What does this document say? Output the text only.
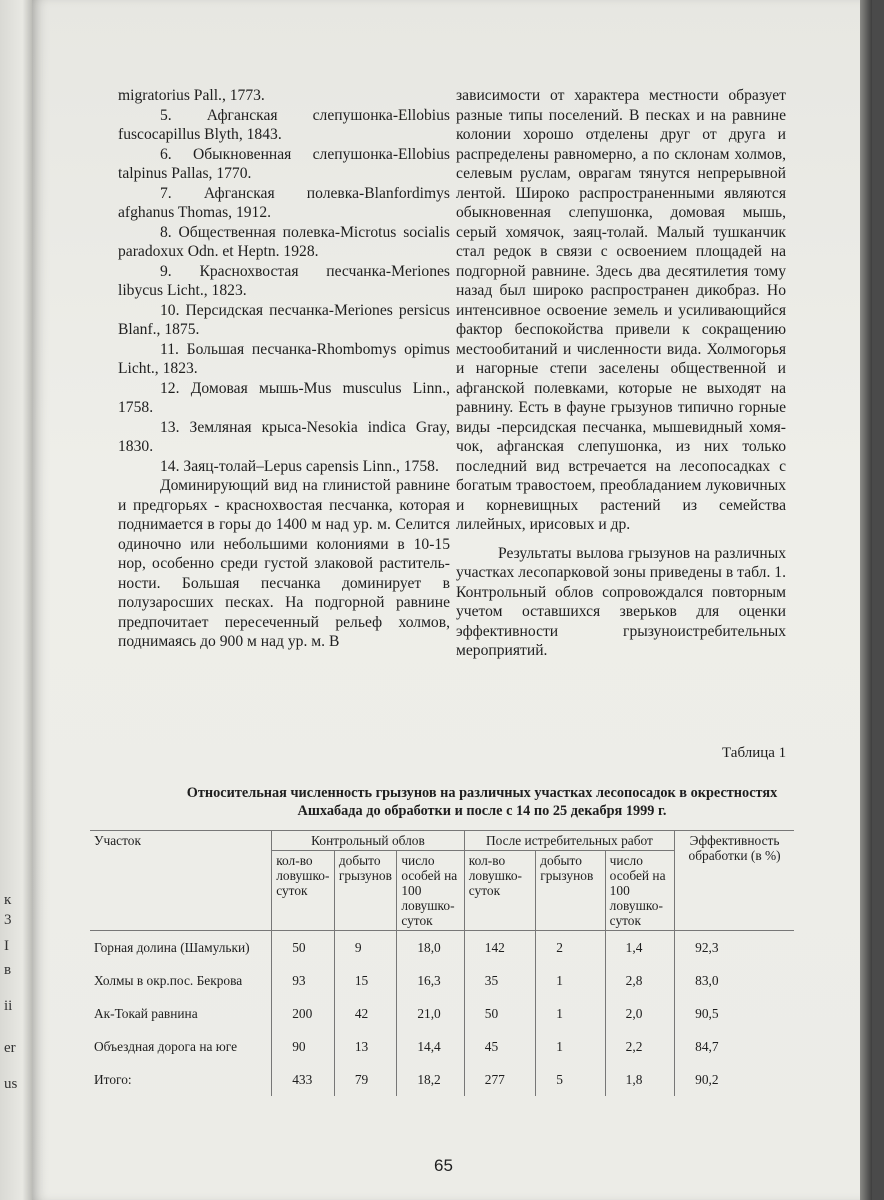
к
I
3
в
ii
er
us

migratorius Pall., 1773.

5. Афганская слепушонка-Ellobius fuscocapillus Blyth, 1843.

6. Обыкновенная слепушонка-Ellobius talpinus Pallas, 1770.

7. Афганская полевка-Blanfordimys afghanus Thomas, 1912.

8. Общественная полевка-Microtus socialis paradoxux Odn. et Heptn. 1928.

9. Краснохвостая песчанка-Meriones libycus Licht., 1823.

10. Персидская песчанка-Meriones persicus Blanf., 1875.

11. Большая песчанка-Rhombomys opimus Licht., 1823.

12. Домовая мышь-Mus musculus Linn., 1758.

13. Земляная крыса-Nesokia indica Gray, 1830.

14. Заяц-толай–Lepus capensis Linn., 1758.

Доминирующий вид на глинистой равнине и предгорьях - краснохвостая песчанка, которая поднимается в горы до 1400 м над ур. м. Селится одиночно или небольшими колониями в 10-15 нор, особенно среди густой злаковой растительности. Большая песчанка доминирует в полузаросших песках. На подгорной равнине предпочитает пересеченный рельеф холмов, поднимаясь до 900 м над ур. м. В

зависимости от характера местности образует разные типы поселений. В песках и на равнине колонии хорошо отделены друг от друга и распределены равномерно, а по склонам холмов, селевым руслам, оврагам тянутся непрерывной лентой. Широко распространенными являются обыкновенная слепушонка, домовая мышь, серый хомячок, заяц-толай. Малый тушканчик стал редок в связи с освоением площадей на подгорной равнине. Здесь два десятилетия тому назад был широко распространен дикобраз. Но интенсивное освоение земель и усиливающийся фактор беспокойства привели к сокращению местообитаний и численности вида. Холмогорья и нагорные степи заселены общественной и афганской полевками, которые не выходят на равнину. Есть в фауне грызунов типично горные виды -персидская песчанка, мышевидный хомячок, афганская слепушонка, из них только последний вид встречается на лесопосадках с богатым травостоем, преобладанием луковичных и корневищных растений из семейства лилейных, ирисовых и др.

Результаты вылова грызунов на различных участках лесопарковой зоны приведены в табл. 1. Контрольный облов сопровождался повторным учетом оставшихся зверьков для оценки эффективности грызуноистребительных мероприятий.

Таблица 1
Относительная численность грызунов на различных участках лесопосадок в окрестностях Ашхабада до обработки и после с 14 по 25 декабря 1999 г.
Участок	Контрольный облов			После истребительных работ			Эффективность обработки (в %)
	кол-во ловушко-суток	добыто грызунов	число особей на 100 ловушко-суток	кол-во ловушко-суток	добыто грызунов	число особей на 100 ловушко-суток	
Горная долина (Шамульки)	50	9	18,0	142	2	1,4	92,3
Холмы в окр.пос. Бекрова	93	15	16,3	35	1	2,8	83,0
Ак-Токай равнина	200	42	21,0	50	1	2,0	90,5
Объездная дорога на юге	90	13	14,4	45	1	2,2	84,7
Итого:	433	79	18,2	277	5	1,8	90,2
65
